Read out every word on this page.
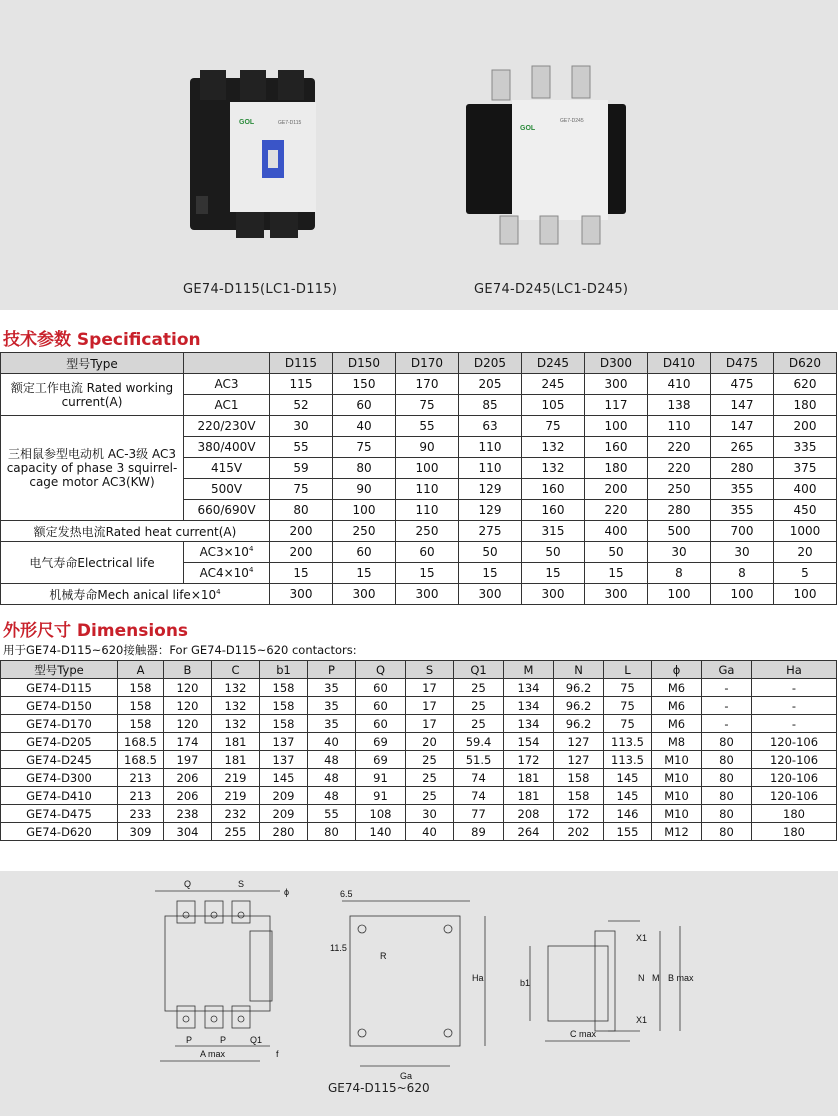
GOL	GE7-D115
GOL
GE7-D245
GE74-D115(LC1-D115)	GE74-D245(LC1-D245)
技术参数 Specification
型号Type		D115	D150	D170	D205	D245	D300	D410	D475	D620
额定工作电流 Rated working current(A)	AC3	115	150	170	205	245	300	410	475	620
	AC1	52	60	75	85	105	117	138	147	180
三相鼠参型电动机 AC-3级 AC3 capacity of phase 3 squirrel-cage motor AC3(KW)	220/230V	30	40	55	63	75	100	110	147	200
	380/400V	55	75	90	110	132	160	220	265	335
	415V	59	80	100	110	132	180	220	280	375
	500V	75	90	110	129	160	200	250	355	400
	660/690V	80	100	110	129	160	220	280	355	450
额定发热电流Rated heat current(A)		200	250	250	275	315	400	500	700	1000
电气寿命Electrical life	$AC3\times 10^4$	200	60	60	50	50	50	30	30	20
	$AC4\times 10^4$	15	15	15	15	15	15	8	8	5
机械寿命Mech anical $life\times 10^4$		300	300	300	300	300	300	100	100	100
外形尺寸 Dimensions
用于GE74-D115~620接触器：For GE74-D115~620 contactors:
型号Type	A	B	C	b1	P	Q	S	Q1	M	N	L	ϕ	Ga	Ha
GE74-D115	158	120	132	158	35	60	17	25	134	96.2	75	M6	-	-
GE74-D150	158	120	132	158	35	60	17	25	134	96.2	75	M6	-	-
GE74-D170	158	120	132	158	35	60	17	25	134	96.2	75	M6	-	-
GE74-D205	168.5	174	181	137	40	69	20	59.4	154	127	113.5	M8	80	120-106
GE74-D245	168.5	197	181	137	48	69	25	51.5	172	127	113.5	M10	80	120-106
GE74-D300	213	206	219	145	48	91	25	74	181	158	145	M10	80	120-106
GE74-D410	213	206	219	209	48	91	25	74	181	158	145	M10	80	120-106
GE74-D475	233	238	232	209	55	108	30	77	208	172	146	M10	80	180
GE74-D620	309	304	255	280	80	140	40	89	264	202	155	M12	80	180
Q	S
ϕ
P	P	Q1
A max	f
6.5
11.5
R
Ha
Ga
b1
X1
X1
N M B max
C max
GE74-D115~620
